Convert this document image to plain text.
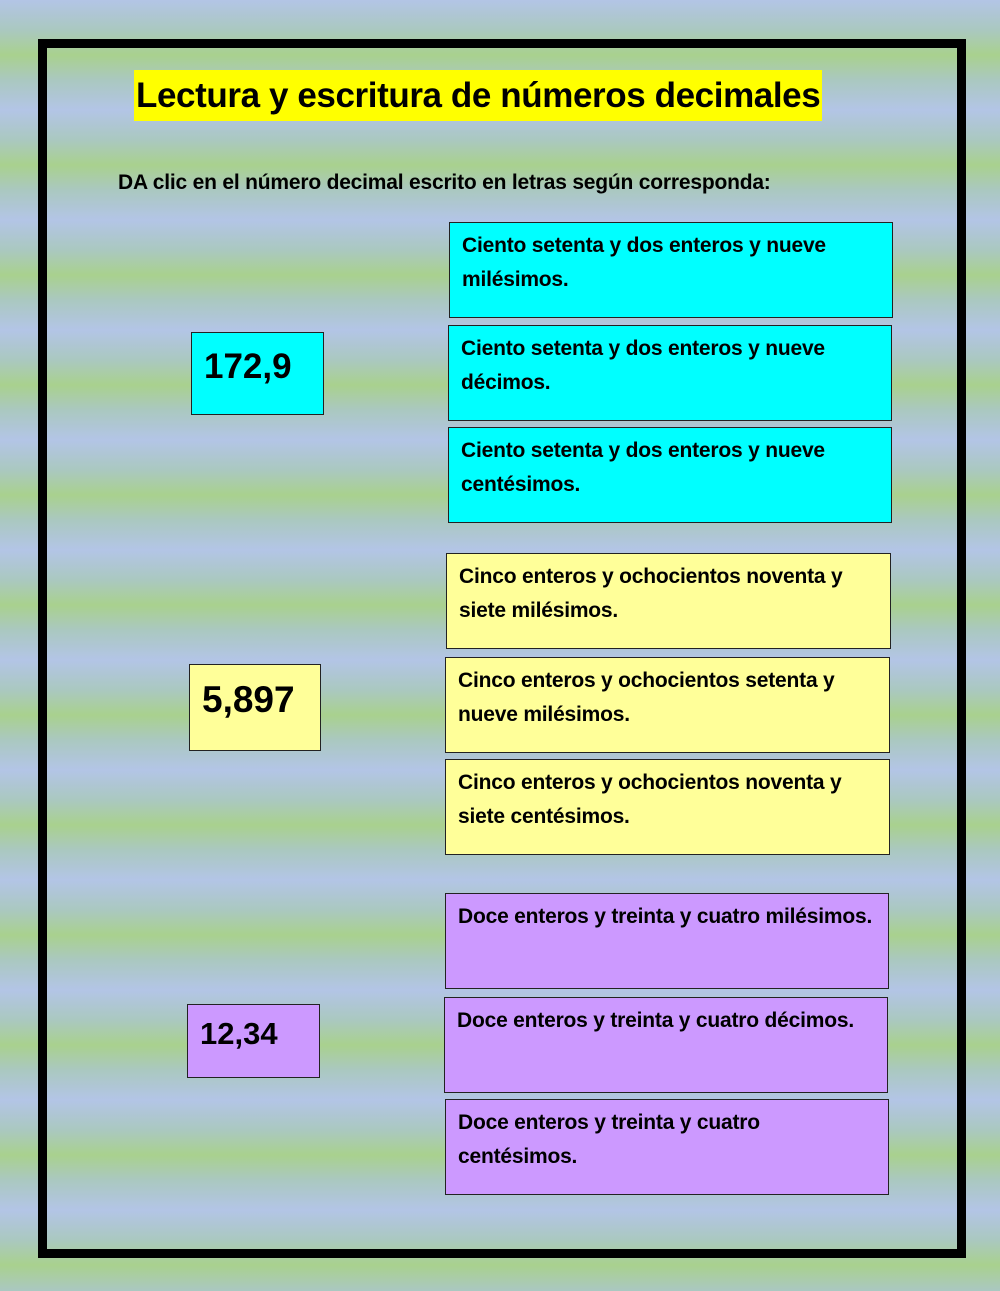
Lectura y escritura de números decimales
DA clic en el número decimal escrito en letras según corresponda:
172,9
Ciento setenta y dos enteros y nueve milésimos.
Ciento setenta y dos enteros y nueve décimos.
Ciento setenta y dos enteros y nueve centésimos.
5,897
Cinco enteros y ochocientos noventa y siete milésimos.
Cinco enteros y ochocientos setenta y nueve milésimos.
Cinco enteros y ochocientos noventa y siete centésimos.
12,34
Doce enteros y treinta y cuatro milésimos.
Doce enteros y treinta y cuatro décimos.
Doce enteros y treinta y cuatro centésimos.
